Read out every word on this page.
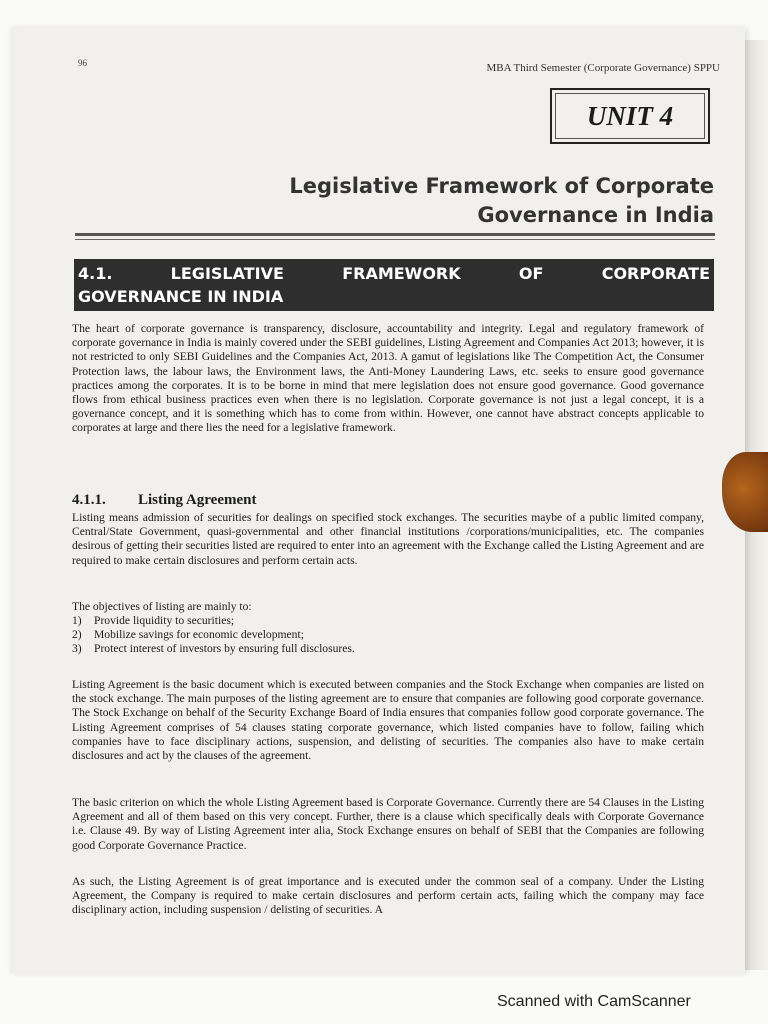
96	MBA Third Semester (Corporate Governance) SPPU
UNIT 4
Legislative Framework of Corporate
Governance in India
4.1. LEGISLATIVE FRAMEWORK OF CORPORATE
GOVERNANCE IN INDIA

The heart of corporate governance is transparency, disclosure, accountability and integrity. Legal and regulatory framework of corporate governance in India is mainly covered under the SEBI guidelines, Listing Agreement and Companies Act 2013; however, it is not restricted to only SEBI Guidelines and the Companies Act, 2013. A gamut of legislations like The Competition Act, the Consumer Protection laws, the labour laws, the Environment laws, the Anti-Money Laundering Laws, etc. seeks to ensure good governance practices among the corporates. It is to be borne in mind that mere legislation does not ensure good governance. Good governance flows from ethical business practices even when there is no legislation. Corporate governance is not just a legal concept, it is a governance concept, and it is something which has to come from within. However, one cannot have abstract concepts applicable to corporates at large and there lies the need for a legislative framework.

4.1.1. Listing Agreement

Listing means admission of securities for dealings on specified stock exchanges. The securities maybe of a public limited company, Central/State Government, quasi-governmental and other financial institutions /corporations/municipalities, etc. The companies desirous of getting their securities listed are required to enter into an agreement with the Exchange called the Listing Agreement and are required to make certain disclosures and perform certain acts.

The objectives of listing are mainly to:
1) Provide liquidity to securities;
2) Mobilize savings for economic development;
3) Protect interest of investors by ensuring full disclosures.

Listing Agreement is the basic document which is executed between companies and the Stock Exchange when companies are listed on the stock exchange. The main purposes of the listing agreement are to ensure that companies are following good corporate governance. The Stock Exchange on behalf of the Security Exchange Board of India ensures that companies follow good corporate governance. The Listing Agreement comprises of 54 clauses stating corporate governance, which listed companies have to follow, failing which companies have to face disciplinary actions, suspension, and delisting of securities. The companies also have to make certain disclosures and act by the clauses of the agreement.

The basic criterion on which the whole Listing Agreement based is Corporate Governance. Currently there are 54 Clauses in the Listing Agreement and all of them based on this very concept. Further, there is a clause which specifically deals with Corporate Governance i.e. Clause 49. By way of Listing Agreement inter alia, Stock Exchange ensures on behalf of SEBI that the Companies are following good Corporate Governance Practice.

As such, the Listing Agreement is of great importance and is executed under the common seal of a company. Under the Listing Agreement, the Company is required to make certain disclosures and perform certain acts, failing which the company may face disciplinary action, including suspension / delisting of securities. A

Scanned with CamScanner
